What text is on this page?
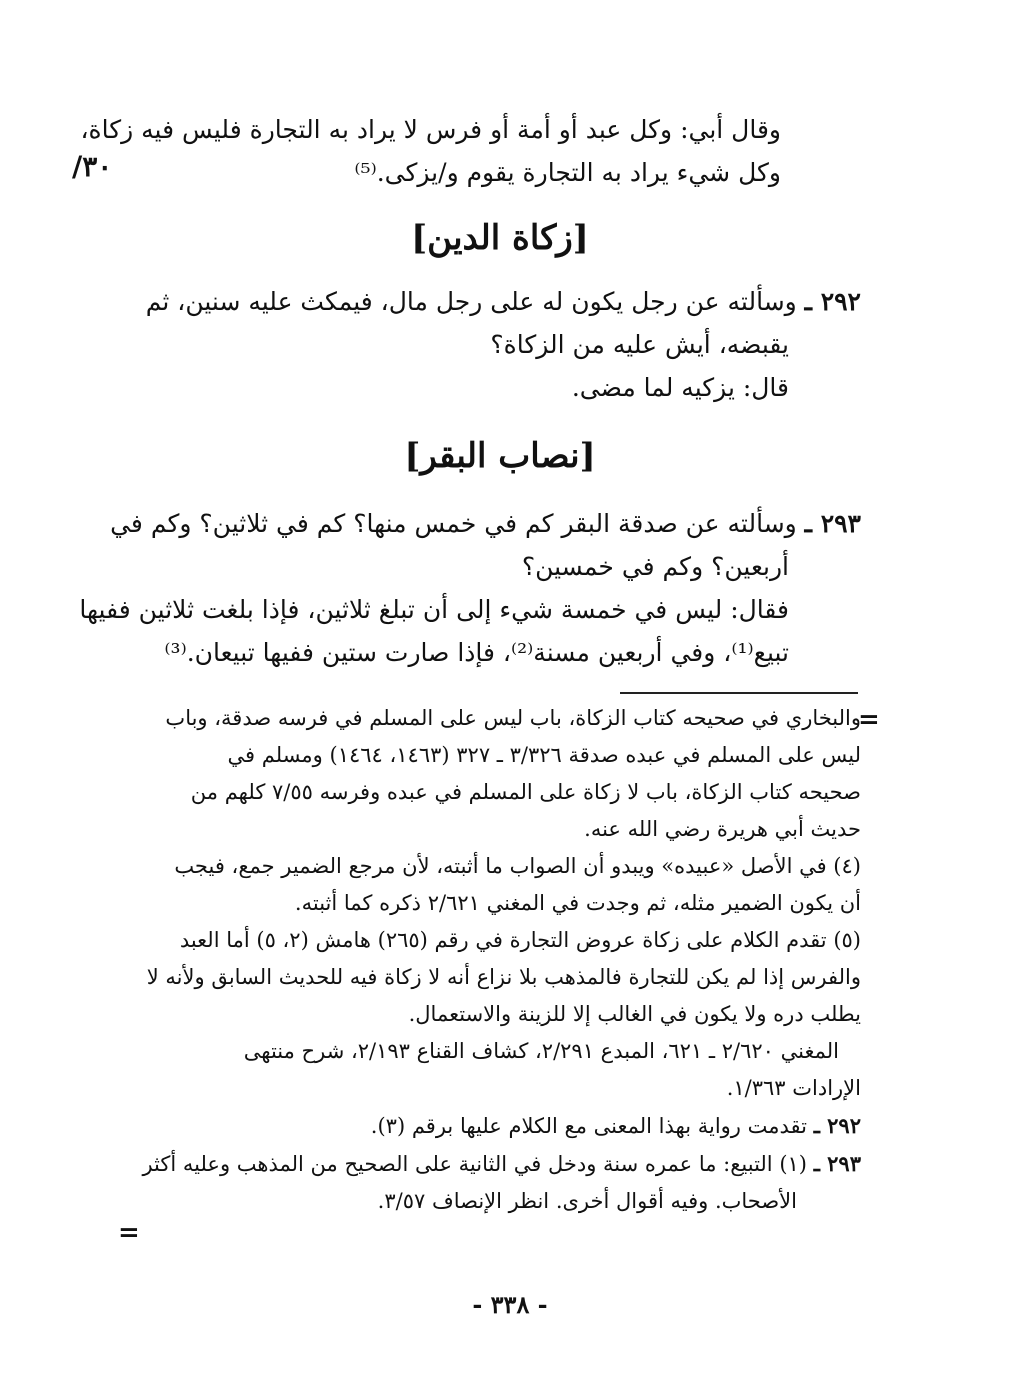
٣٠/
وقال أبي: وكل عبد أو أمة أو فرس لا يراد به التجارة فليس فيه زكاة،
وكل شيء يراد به التجارة يقوم و/يزكى.⁽⁵⁾
[زكاة الدين]
٢٩٢ ـ وسألته عن رجل يكون له على رجل مال، فيمكث عليه سنين، ثم
يقبضه، أيش عليه من الزكاة؟
قال: يزكيه لما مضى.
[نصاب البقر]
٢٩٣ ـ وسألته عن صدقة البقر كم في خمس منها؟ كم في ثلاثين؟ وكم في
أربعين؟ وكم في خمسين؟
فقال: ليس في خمسة شيء إلى أن تبلغ ثلاثين، فإذا بلغت ثلاثين ففيها
تبيع⁽¹⁾، وفي أربعين مسنة⁽²⁾، فإذا صارت ستين ففيها تبيعان.⁽³⁾
=
والبخاري في صحيحه كتاب الزكاة، باب ليس على المسلم في فرسه صدقة، وباب
ليس على المسلم في عبده صدقة ٣/٣٢٦ ـ ٣٢٧ (١٤٦٣، ١٤٦٤) ومسلم في
صحيحه كتاب الزكاة، باب لا زكاة على المسلم في عبده وفرسه ٧/٥٥ كلهم من
حديث أبي هريرة رضي الله عنه.
(٤) في الأصل «عبيده» ويبدو أن الصواب ما أثبته، لأن مرجع الضمير جمع، فيجب
أن يكون الضمير مثله، ثم وجدت في المغني ٢/٦٢١ ذكره كما أثبته.
(٥) تقدم الكلام على زكاة عروض التجارة في رقم (٢٦٥) هامش (٢، ٥) أما العبد
والفرس إذا لم يكن للتجارة فالمذهب بلا نزاع أنه لا زكاة فيه للحديث السابق ولأنه لا
يطلب دره ولا يكون في الغالب إلا للزينة والاستعمال.
المغني ٢/٦٢٠ ـ ٦٢١، المبدع ٢/٢٩١، كشاف القناع ٢/١٩٣، شرح منتهى
الإرادات ١/٣٦٣.
٢٩٢ ـ تقدمت رواية بهذا المعنى مع الكلام عليها برقم (٣).
٢٩٣ ـ (١) التبيع: ما عمره سنة ودخل في الثانية على الصحيح من المذهب وعليه أكثر
الأصحاب. وفيه أقوال أخرى. انظر الإنصاف ٣/٥٧.
=
- ٣٣٨ -
